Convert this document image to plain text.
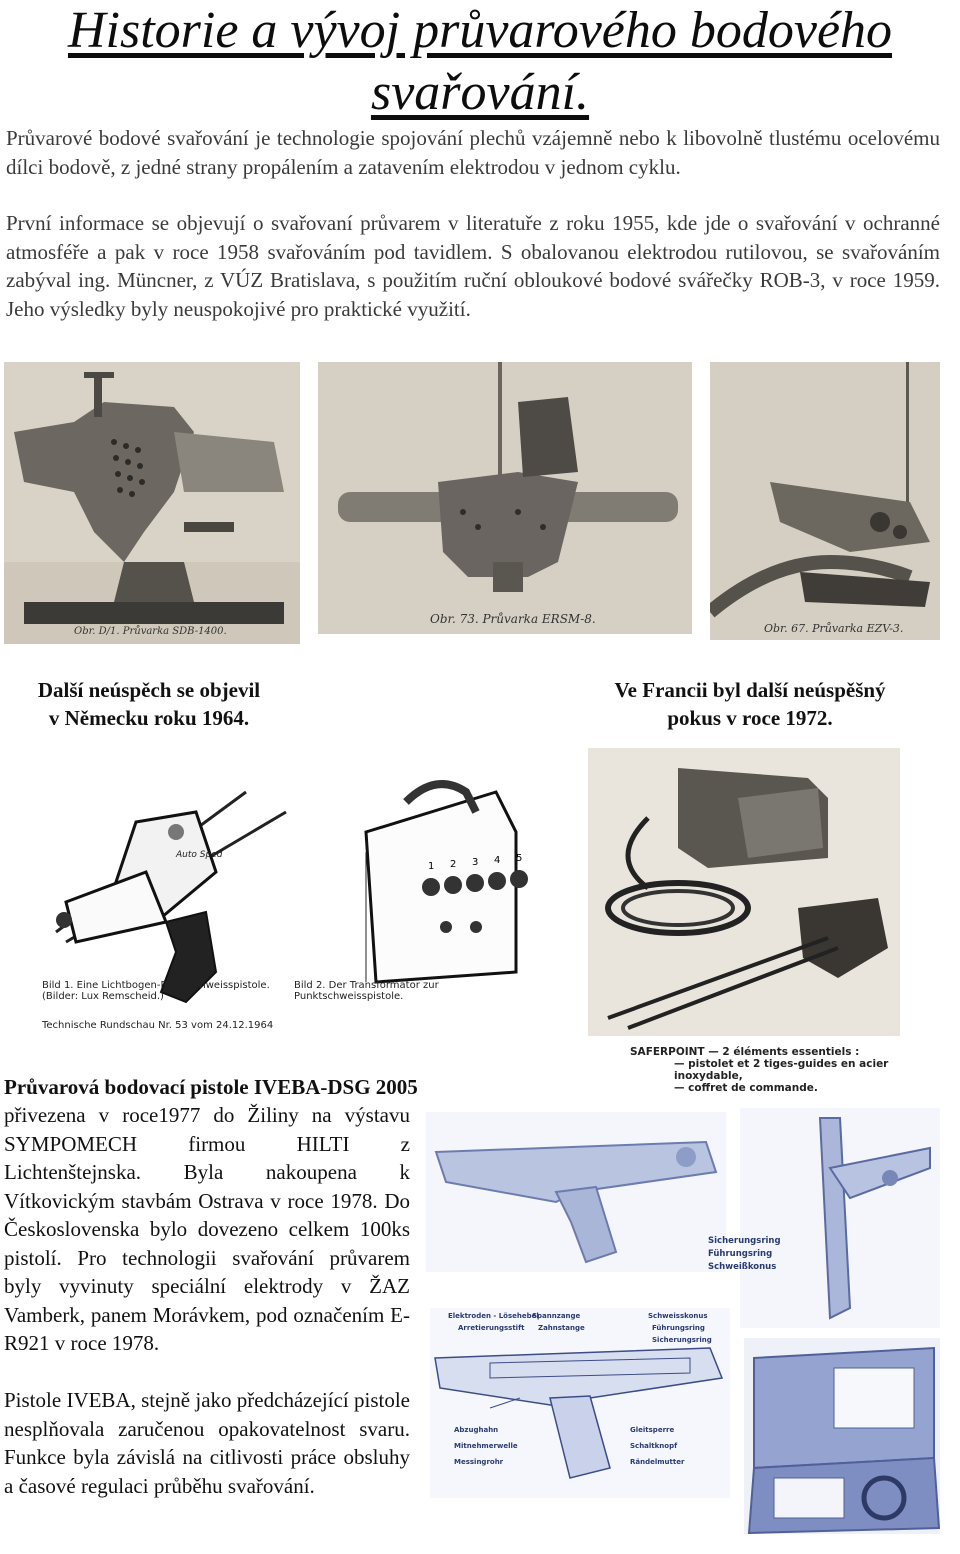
Historie a vývoj průvarového bodového
svařování.
Průvarové bodové svařování je technologie spojování plechů vzájemně nebo k libovolně tlustému ocelovému dílci bodově, z jedné strany propálením a zatavením elektrodou v jednom cyklu.
První informace se objevují o svařovaní průvarem v literatuře z roku 1955, kde jde o svařování v ochranné atmosféře a pak v roce 1958 svařováním pod tavidlem. S obalovanou elektrodou rutilovou, se svařováním zabýval ing. Müncner, z VÚZ Bratislava, s použitím ruční obloukové bodové svářečky ROB-3, v roce 1959. Jeho výsledky byly neuspokojivé pro praktické využití.
Obr. D/1. Průvarka SDB-1400.
Obr. 73. Průvarka ERSM-8.
Obr. 67. Průvarka EZV-3.
Další neúspěch se objevil
v Německu roku 1964.
Ve Francii byl další neúspěšný
pokus v roce 1972.
1 2 3 4 5
Auto Sped
Bild 1. Eine Lichtbogen-Punktschweisspistole. (Bilder: Lux Remscheid.)
Bild 2. Der Transformator zur Punktschweisspistole.
Technische Rundschau Nr. 53 vom 24.12.1964
SAFERPOINT — 2 éléments essentiels :
— pistolet et 2 tiges-guides en acier inoxydable,
— coffret de commande.
Průvarová bodovací pistole IVEBA-DSG 2005
přivezena v roce1977 do Žiliny na výstavu SYMPOMECH firmou HILTI z Lichtenštejnska. Byla nakoupena k Vítkovickým stavbám Ostrava v roce 1978. Do Československa bylo dovezeno celkem 100ks pistolí. Pro technologii svařování průvarem byly vyvinuty speciální elektrody v ŽAZ Vamberk, panem Morávkem, pod označením E-R921 v roce 1978.
Pistole IVEBA, stejně jako předcházející pistole nesplňovala zaručenou opakovatelnost svaru. Funkce byla závislá na citlivosti práce obsluhy a časové regulaci průběhu svařování.
Sicherungsring
Führungsring
Schweißkonus
Elektroden - Lösehebel
Arretierungsstift
Spannzange
Zahnstange
Schweisskonus
Führungsring
Sicherungsring
Abzughahn
Mitnehmerwelle
Messingrohr
Gleitsperre
Schaltknopf
Rändelmutter
